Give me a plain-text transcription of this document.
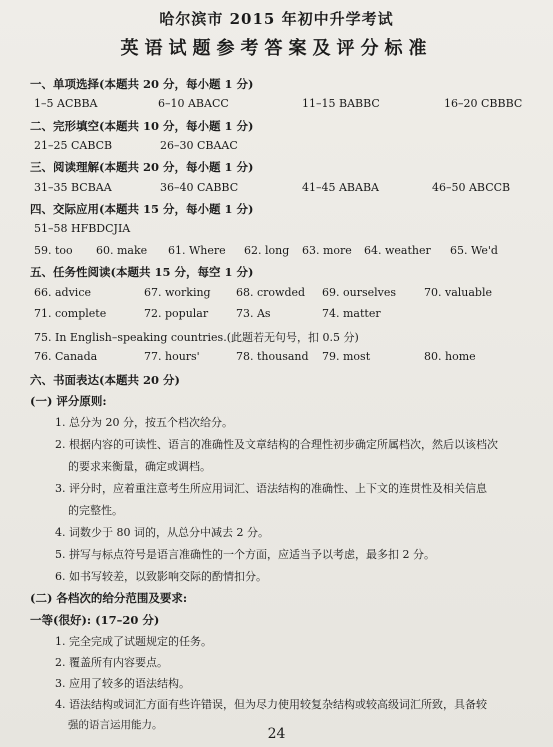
哈尔滨市 2015 年初中升学考试
英语试题参考答案及评分标准
一、单项选择(本题共 20 分，每小题 1 分)
1–5 ACBBA	6–10 ABACC	11–15 BABBC	16–20 CBBBC
二、完形填空(本题共 10 分，每小题 1 分)
21–25 CABCB	26–30 CBAAC
三、阅读理解(本题共 20 分，每小题 1 分)
31–35 BCBAA	36–40 CABBC	41–45 ABABA	46–50 ABCCB
四、交际应用(本题共 15 分，每小题 1 分)
51–58 HFBDCJIA
59. too 60. make 61. Where 62. long 63. more 64. weather 65. We'd
五、任务性阅读(本题共 15 分，每空 1 分)
66. advice	67. working 68. crowded 69. ourselves	70. valuable
71. complete	72. popular	73. As	74. matter
75. In English–speaking countries.(此题若无句号，扣 0.5 分)
76. Canada	77. hours'	78. thousand 79. most	80. home
六、书面表达(本题共 20 分)
(一) 评分原则:
1. 总分为 20 分，按五个档次给分。
2. 根据内容的可读性、语言的准确性及文章结构的合理性初步确定所属档次，然后以该档次
的要求来衡量，确定或调档。
3. 评分时，应着重注意考生所应用词汇、语法结构的准确性、上下文的连贯性及相关信息
的完整性。
4. 词数少于 80 词的，从总分中减去 2 分。
5. 拼写与标点符号是语言准确性的一个方面，应适当予以考虑，最多扣 2 分。
6. 如书写较差，以致影响交际的酌情扣分。
(二) 各档次的给分范围及要求:
一等(很好): (17–20 分)
1. 完全完成了试题规定的任务。
2. 覆盖所有内容要点。
3. 应用了较多的语法结构。
4. 语法结构或词汇方面有些许错误，但为尽力使用较复杂结构或较高级词汇所致，具备较
强的语言运用能力。
24
